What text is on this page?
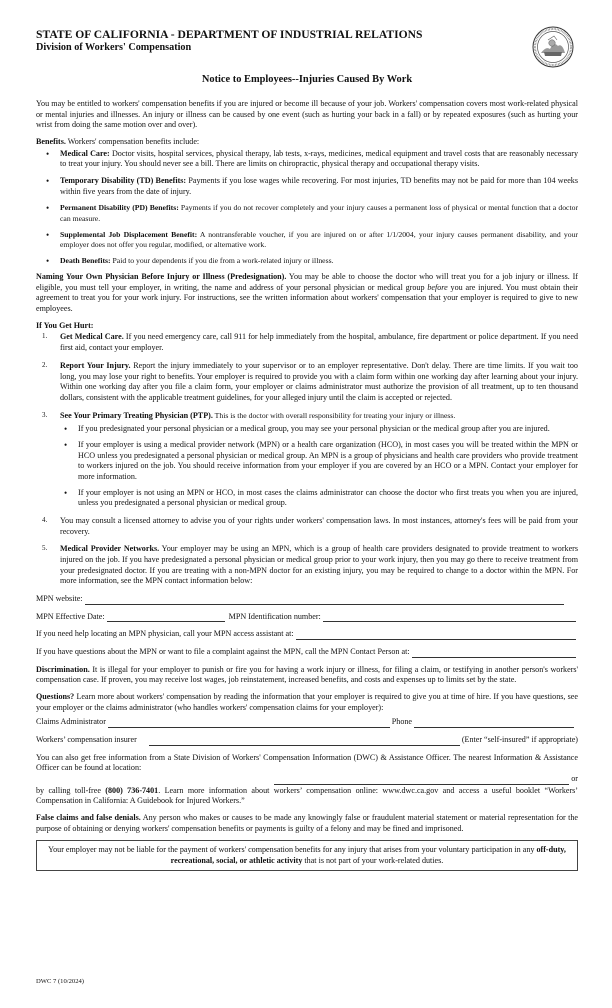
STATE OF CALIFORNIA - DEPARTMENT OF INDUSTRIAL RELATIONS
Division of Workers' Compensation
Notice to Employees--Injuries Caused By Work

You may be entitled to workers' compensation benefits if you are injured or become ill because of your job. Workers' compensation covers most work-related physical or mental injuries and illnesses. An injury or illness can be caused by one event (such as hurting your back in a fall) or by repeated exposures (such as hurting your wrist from doing the same motion over and over).

Benefits. Workers' compensation benefits include:
• Medical Care: Doctor visits, hospital services, physical therapy, lab tests, x-rays, medicines, medical equipment and travel costs that are reasonably necessary to treat your injury. You should never see a bill. There are limits on chiropractic, physical therapy and occupational therapy visits.
• Temporary Disability (TD) Benefits: Payments if you lose wages while recovering. For most injuries, TD benefits may not be paid for more than 104 weeks within five years from the date of injury.
• Permanent Disability (PD) Benefits: Payments if you do not recover completely and your injury causes a permanent loss of physical or mental function that a doctor can measure.
• Supplemental Job Displacement Benefit: A nontransferable voucher, if you are injured on or after 1/1/2004, your injury causes permanent disability, and your employer does not offer you regular, modified, or alternative work.
• Death Benefits: Paid to your dependents if you die from a work-related injury or illness.

Naming Your Own Physician Before Injury or Illness (Predesignation). You may be able to choose the doctor who will treat you for a job injury or illness. If eligible, you must tell your employer, in writing, the name and address of your personal physician or medical group before you are injured. You must obtain their agreement to treat you for your work injury. For instructions, see the written information about workers' compensation that your employer is required to give to new employees.

If You Get Hurt:
1. Get Medical Care. If you need emergency care, call 911 for help immediately from the hospital, ambulance, fire department or police department. If you need first aid, contact your employer.
2. Report Your Injury. Report the injury immediately to your supervisor or to an employer representative. Don't delay. There are time limits. If you wait too long, you may lose your right to benefits. Your employer is required to provide you with a claim form within one working day after learning about your injury. Within one working day after you file a claim form, your employer or claims administrator must authorize the provision of all treatment, up to ten thousand dollars, consistent with the applicable treatment guidelines, for your alleged injury until the claim is accepted or rejected.
3. See Your Primary Treating Physician (PTP). This is the doctor with overall responsibility for treating your injury or illness.
• If you predesignated your personal physician or a medical group, you may see your personal physician or the medical group after you are injured.
• If your employer is using a medical provider network (MPN) or a health care organization (HCO), in most cases you will be treated within the MPN or HCO unless you predesignated a personal physician or medical group. An MPN is a group of physicians and health care providers who provide treatment to workers injured on the job. You should receive information from your employer if you are covered by an HCO or a MPN. Contact your employer for more information.
• If your employer is not using an MPN or HCO, in most cases the claims administrator can choose the doctor who first treats you when you are injured, unless you predesignated a personal physician or medical group.
4. You may consult a licensed attorney to advise you of your rights under workers' compensation laws. In most instances, attorney's fees will be paid from your recovery.
5. Medical Provider Networks. Your employer may be using an MPN, which is a group of health care providers designated to provide treatment to workers injured on the job. If you have predesignated a personal physician or medical group prior to your work injury, then you may go there to receive treatment from your predesignated doctor. If you are treating with a non-MPN doctor for an existing injury, you may be required to change to a doctor within the MPN. For more information, see the MPN contact information below:
MPN website:
MPN Effective Date:	MPN Identification number:
If you need help locating an MPN physician, call your MPN access assistant at:
If you have questions about the MPN or want to file a complaint against the MPN, call the MPN Contact Person at:

Discrimination. It is illegal for your employer to punish or fire you for having a work injury or illness, for filing a claim, or testifying in another person's workers' compensation case. If proven, you may receive lost wages, job reinstatement, increased benefits, and costs and expenses up to limits set by the state.

Questions? Learn more about workers' compensation by reading the information that your employer is required to give you at time of hire. If you have questions, see your employer or the claims administrator (who handles workers' compensation claims for your employer):

Claims Administrator	Phone
Workers’ compensation insurer	(Enter “self-insured” if appropriate)

You can also get free information from a State Division of Workers' Compensation Information (DWC) & Assistance Officer. The nearest Information & Assistance Officer can be found at location:

or

by calling toll-free (800) 736-7401. Learn more information about workers’ compensation online: www.dwc.ca.gov and access a useful booklet “Workers’ Compensation in California: A Guidebook for Injured Workers.”

False claims and false denials. Any person who makes or causes to be made any knowingly false or fraudulent material statement or material representation for the purpose of obtaining or denying workers' compensation benefits or payments is guilty of a felony and may be fined and imprisoned.

Your employer may not be liable for the payment of workers' compensation benefits for any injury that arises from your voluntary participation in any off-duty, recreational, social, or athletic activity that is not part of your work-related duties.
DWC 7 (10/2024)
